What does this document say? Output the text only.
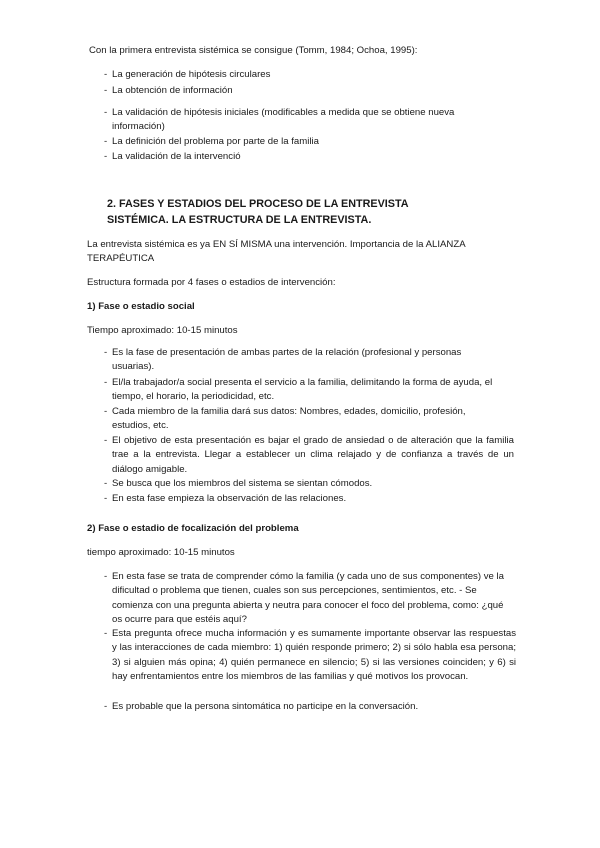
Con la primera entrevista sistémica se consigue (Tomm, 1984; Ochoa, 1995):

- La generación de hipótesis circulares
- La obtención de información
- La validación de hipótesis iniciales (modificables a medida que se obtiene nueva información)
- La definición del problema por parte de la familia
- La validación de la intervenció
2. FASES Y ESTADIOS DEL PROCESO DE LA ENTREVISTA SISTÉMICA. LA ESTRUCTURA DE LA ENTREVISTA.

La entrevista sistémica es ya EN SÍ MISMA una intervención. Importancia de la ALIANZA TERAPÉUTICA

Estructura formada por 4 fases o estadios de intervención:

1) Fase o estadio social

Tiempo aproximado: 10-15 minutos

- Es la fase de presentación de ambas partes de la relación (profesional y personas usuarias).
- El/la trabajador/a social presenta el servicio a la familia, delimitando la forma de ayuda, el tiempo, el horario, la periodicidad, etc.
- Cada miembro de la familia dará sus datos: Nombres, edades, domicilio, profesión, estudios, etc.
- El objetivo de esta presentación es bajar el grado de ansiedad o de alteración que la familia trae a la entrevista. Llegar a establecer un clima relajado y de confianza a través de un diálogo amigable.
- Se busca que los miembros del sistema se sientan cómodos.
- En esta fase empieza la observación de las relaciones.

2) Fase o estadio de focalización del problema

tiempo aproximado: 10-15 minutos

- En esta fase se trata de comprender cómo la familia (y cada uno de sus componentes) ve la dificultad o problema que tienen, cuales son sus percepciones, sentimientos, etc. - Se comienza con una pregunta abierta y neutra para conocer el foco del problema, como: ¿qué os ocurre para que estéis aquí?
- Esta pregunta ofrece mucha información y es sumamente importante observar las respuestas y las interacciones de cada miembro: 1) quién responde primero; 2) si sólo habla esa persona; 3) si alguien más opina; 4) quién permanece en silencio; 5) si las versiones coinciden; y 6) si hay enfrentamientos entre los miembros de las familias y qué motivos los provocan.
- Es probable que la persona sintomática no participe en la conversación.
